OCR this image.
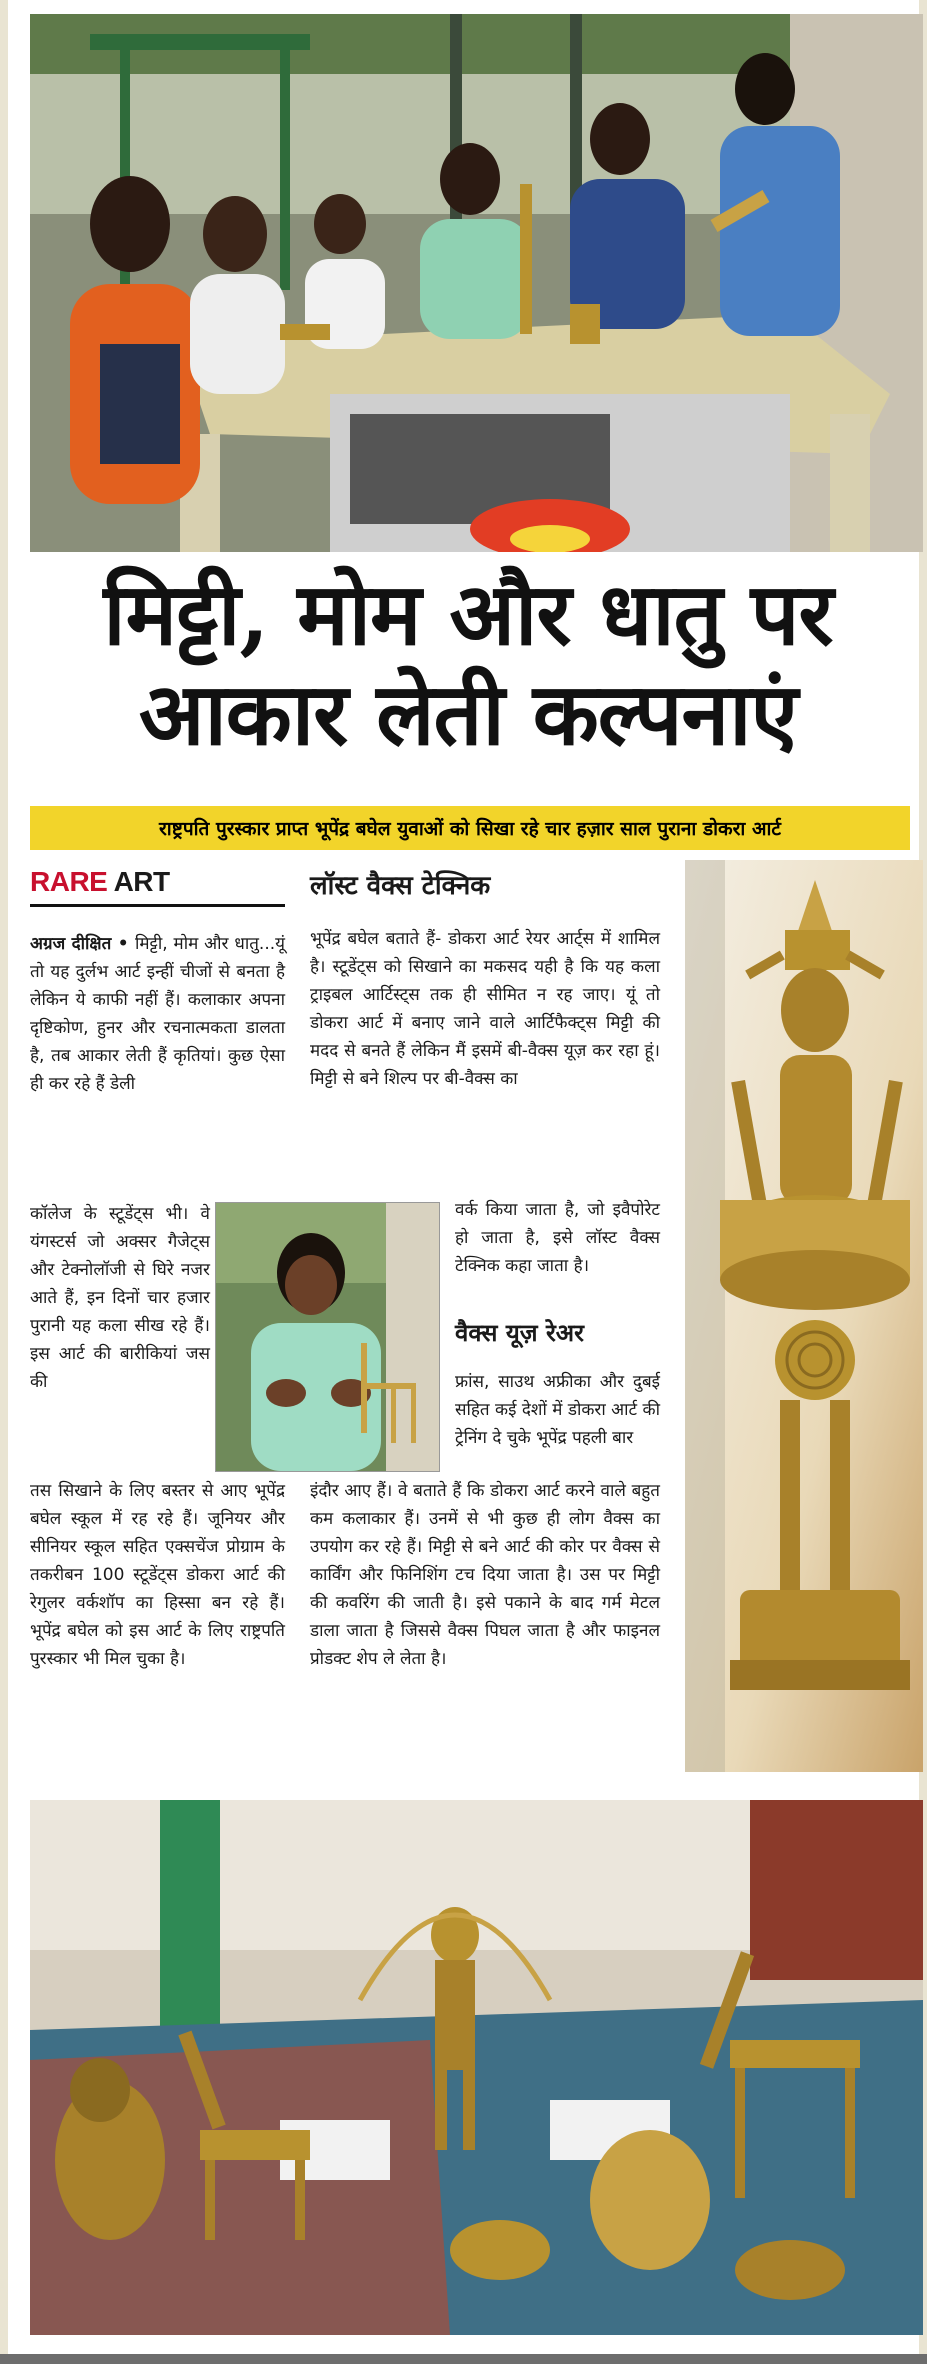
मिट्टी, मोम और धातु पर
आकार लेती कल्पनाएं
राष्ट्रपति पुरस्कार प्राप्त भूपेंद्र बघेल युवाओं को सिखा रहे चार हज़ार साल पुराना डोकरा आर्ट
RARE ART
अग्रज दीक्षित • मिट्टी, मोम और धातु...यूं तो यह दुर्लभ आर्ट इन्हीं चीजों से बनता है लेकिन ये काफी नहीं हैं। कलाकार अपना दृष्टिकोण, हुनर और रचनात्मकता डालता है, तब आकार लेती हैं कृतियां। कुछ ऐसा ही कर रहे हैं डेली
कॉलेज के स्टूडेंट्स भी। वे यंगस्टर्स जो अक्सर गैजेट्स और टेक्नोलॉजी से घिरे नजर आते हैं, इन दिनों चार हजार पुरानी यह कला सीख रहे हैं। इस आर्ट की बारीकियां जस की
तस सिखाने के लिए बस्तर से आए भूपेंद्र बघेल स्कूल में रह रहे हैं। जूनियर और सीनियर स्कूल सहित एक्सचेंज प्रोग्राम के तकरीबन 100 स्टूडेंट्स डोकरा आर्ट की रेगुलर वर्कशॉप का हिस्सा बन रहे हैं। भूपेंद्र बघेल को इस आर्ट के लिए राष्ट्रपति पुरस्कार भी मिल चुका है।
लॉस्ट वैक्स टेक्निक
भूपेंद्र बघेल बताते हैं- डोकरा आर्ट रेयर आर्ट्स में शामिल है। स्टूडेंट्स को सिखाने का मकसद यही है कि यह कला ट्राइबल आर्टिस्ट्स तक ही सीमित न रह जाए। यूं तो डोकरा आर्ट में बनाए जाने वाले आर्टिफैक्ट्स मिट्टी की मदद से बनते हैं लेकिन मैं इसमें बी-वैक्स यूज़ कर रहा हूं। मिट्टी से बने शिल्प पर बी-वैक्स का
वर्क किया जाता है, जो इवैपोरेट हो जाता है, इसे लॉस्ट वैक्स टेक्निक कहा जाता है।
वैक्स यूज़ रेअर
फ्रांस, साउथ अफ्रीका और दुबई सहित कई देशों में डोकरा आर्ट की ट्रेनिंग दे चुके भूपेंद्र पहली बार
इंदौर आए हैं। वे बताते हैं कि डोकरा आर्ट करने वाले बहुत कम कलाकार हैं। उनमें से भी कुछ ही लोग वैक्स का उपयोग कर रहे हैं। मिट्टी से बने आर्ट की कोर पर वैक्स से कार्विंग और फिनिशिंग टच दिया जाता है। उस पर मिट्टी की कवरिंग की जाती है। इसे पकाने के बाद गर्म मेटल डाला जाता है जिससे वैक्स पिघल जाता है और फाइनल प्रोडक्ट शेप ले लेता है।
